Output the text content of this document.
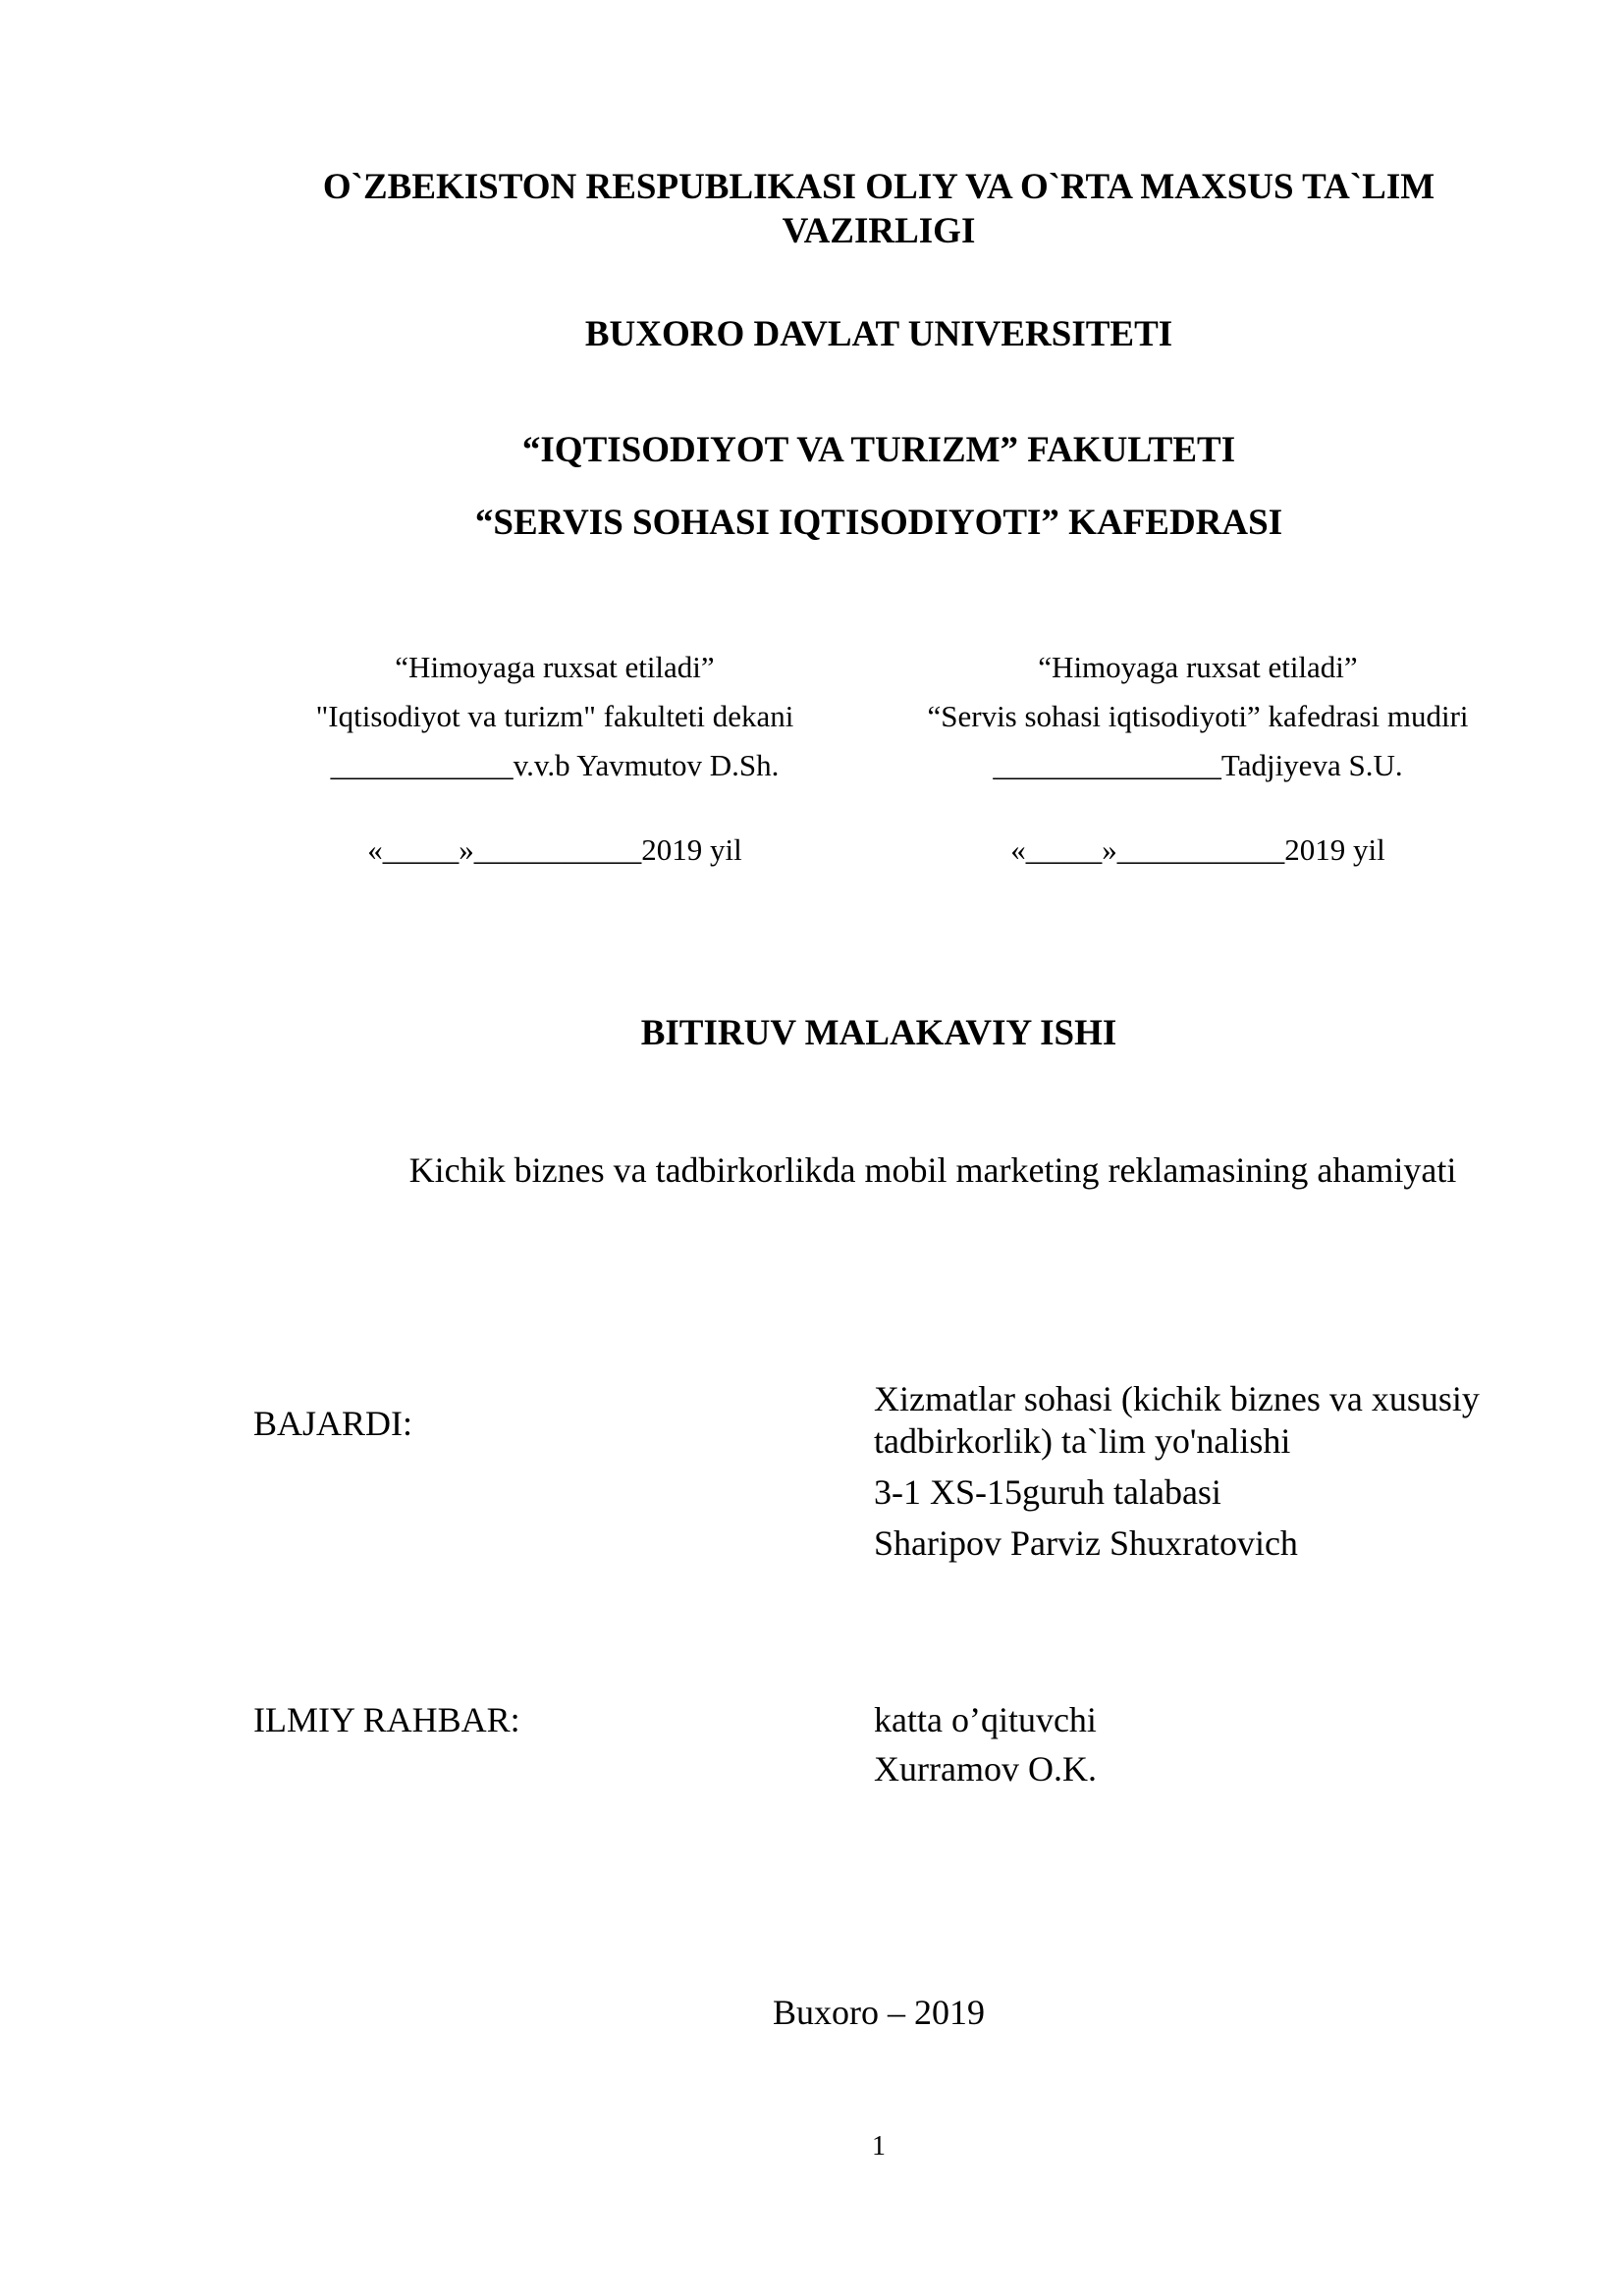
O`ZBEKISTON RESPUBLIKASI OLIY VA O`RTA MAXSUS TA`LIM
VAZIRLIGI
BUXORO DAVLAT UNIVERSITETI
“IQTISODIYOT VA TURIZM” FAKULTETI
“SERVIS SOHASI IQTISODIYOTI” KAFEDRASI
“Himoyaga ruxsat etiladi”
"Iqtisodiyot va turizm" fakulteti dekani
____________v.v.b Yavmutov D.Sh.
«_____»___________2019 yil
“Himoyaga ruxsat etiladi”
“Servis sohasi iqtisodiyoti” kafedrasi mudiri
_______________Tadjiyeva S.U.
«_____»___________2019 yil
BITIRUV MALAKAVIY ISHI
Kichik biznes va tadbirkorlikda mobil marketing reklamasining ahamiyati
BAJARDI:
Xizmatlar sohasi (kichik biznes va xususiy
tadbirkorlik) ta`lim yo'nalishi
3-1 XS-15guruh talabasi
Sharipov Parviz Shuxratovich
ILMIY RAHBAR:	katta o’qituvchi
Xurramov O.K.
Buxoro – 2019
1
